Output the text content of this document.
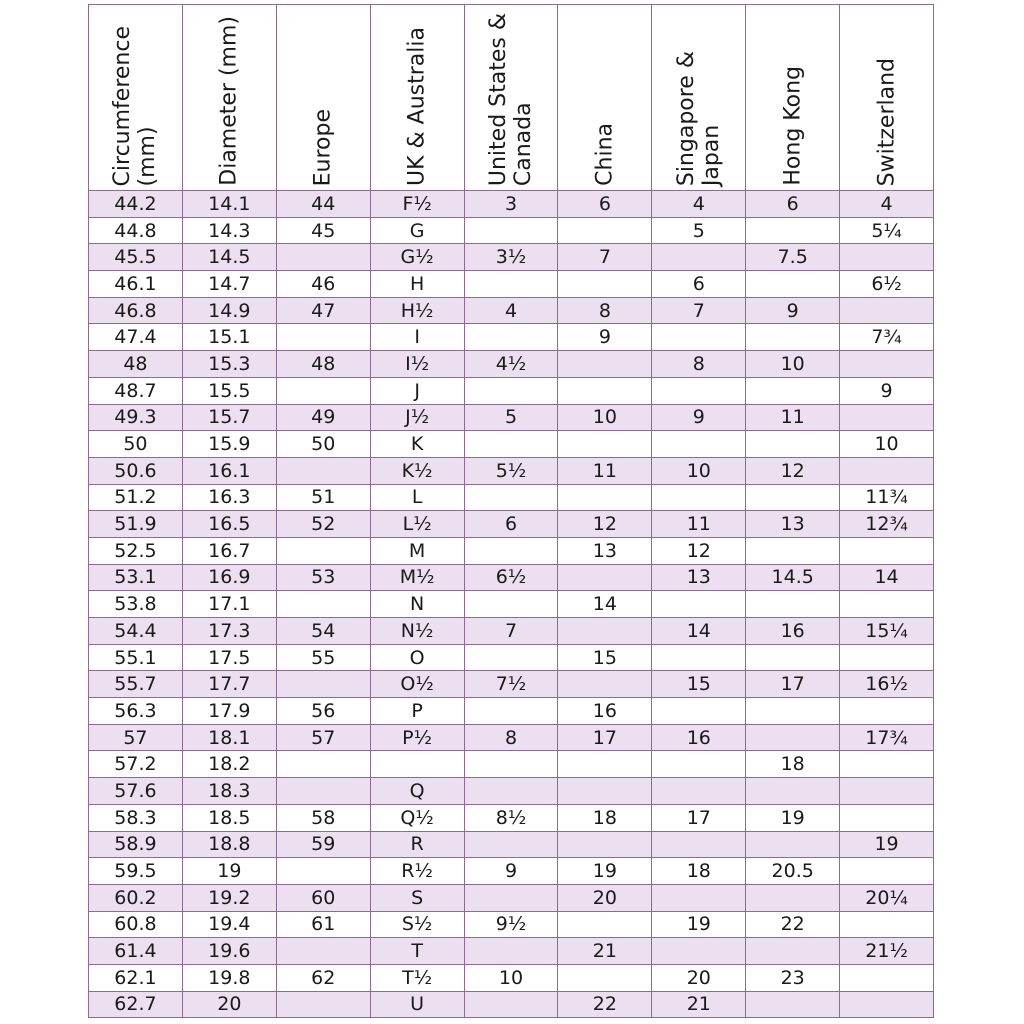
Circumference
(mm)	Diameter (mm)	Europe	UK & Australia	United States &
Canada	China	Singapore &
Japan	Hong Kong	Switzerland

44.2	14.1	44	F½	3	6	4	6	4
44.8	14.3	45	G			5		5¼
45.5	14.5		G½	3½	7		7.5	
46.1	14.7	46	H			6		6½
46.8	14.9	47	H½	4	8	7	9	
47.4	15.1		I		9			7¾
48	15.3	48	I½	4½		8	10	
48.7	15.5		J					9
49.3	15.7	49	J½	5	10	9	11	
50	15.9	50	K					10
50.6	16.1		K½	5½	11	10	12	
51.2	16.3	51	L					11¾
51.9	16.5	52	L½	6	12	11	13	12¾
52.5	16.7		M		13	12		
53.1	16.9	53	M½	6½		13	14.5	14
53.8	17.1		N		14			
54.4	17.3	54	N½	7		14	16	15¼
55.1	17.5	55	O		15			
55.7	17.7		O½	7½		15	17	16½
56.3	17.9	56	P		16			
57	18.1	57	P½	8	17	16		17¾
57.2	18.2						18	
57.6	18.3		Q					
58.3	18.5	58	Q½	8½	18	17	19	
58.9	18.8	59	R					19
59.5	19		R½	9	19	18	20.5	
60.2	19.2	60	S		20			20¼
60.8	19.4	61	S½	9½		19	22	
61.4	19.6		T		21			21½
62.1	19.8	62	T½	10		20	23	
62.7	20		U		22	21		
